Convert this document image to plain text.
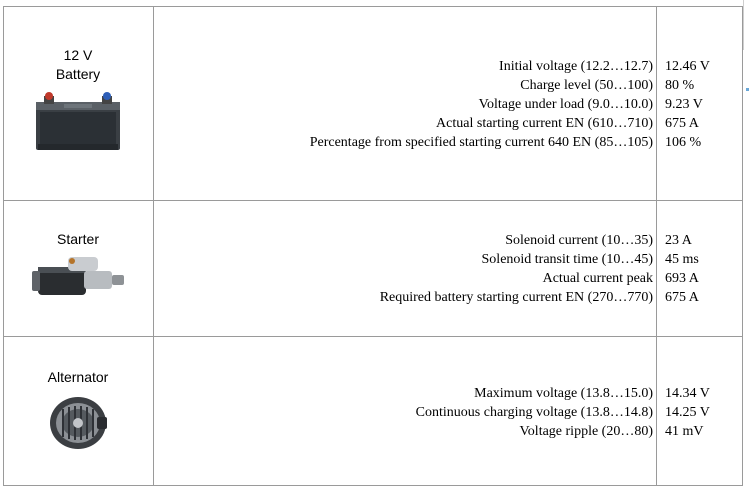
12 V
Battery	Initial voltage (12.2…12.7) 12.46 V
Charge level (50…100) 80 %
Voltage under load (9.0…10.0) 9.23 V
Actual starting current EN (610…710) 675 A
Percentage from specified starting current 640 EN (85…105) 106 %
Starter	Solenoid current (10…35) 23 A
Solenoid transit time (10…45) 45 ms
Actual current peak 693 A
Required battery starting current EN (270…770) 675 A
Alternator
Maximum voltage (13.8…15.0) 14.34 V
Continuous charging voltage (13.8…14.8) 14.25 V
Voltage ripple (20…80) 41 mV
